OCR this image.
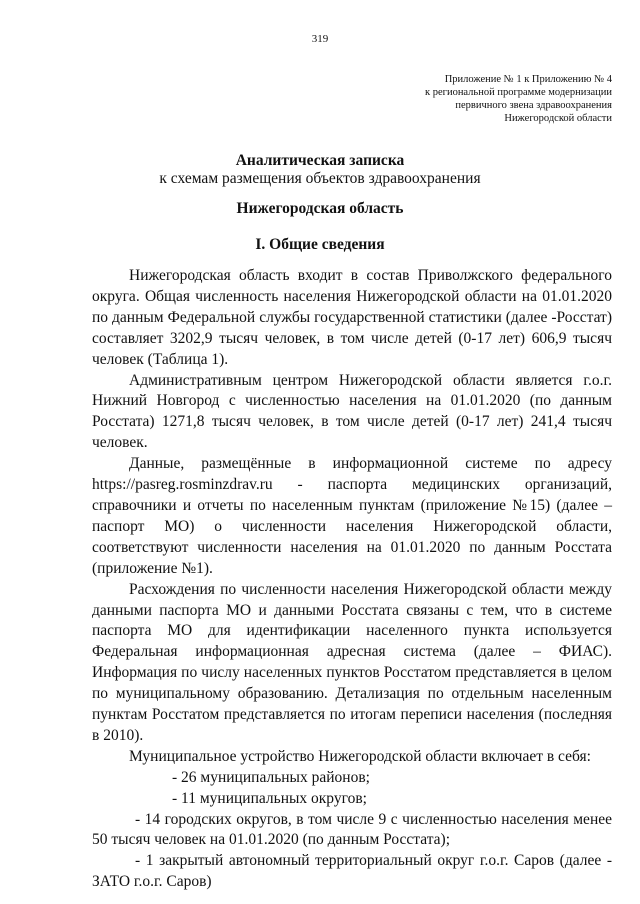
319
Приложение № 1 к Приложению № 4
к региональной программе модернизации
первичного звена здравоохранения
Нижегородской области
Аналитическая записка
к схемам размещения объектов здравоохранения
Нижегородская область
I. Общие сведения

Нижегородская область входит в состав Приволжского федерального округа. Общая численность населения Нижегородской области на 01.01.2020 по данным Федеральной службы государственной статистики (далее -Росстат) составляет 3202,9 тысяч человек, в том числе детей (0-17 лет) 606,9 тысяч человек (Таблица 1).

Административным центром Нижегородской области является г.о.г. Нижний Новгород с численностью населения на 01.01.2020 (по данным Росстата) 1271,8 тысяч человек, в том числе детей (0-17 лет) 241,4 тысяч человек.

Данные, размещённые в информационной системе по адресу https://pasreg.rosminzdrav.ru - паспорта медицинских организаций, справочники и отчеты по населенным пунктам (приложение №15) (далее – паспорт МО) о численности населения Нижегородской области, соответствуют численности населения на 01.01.2020 по данным Росстата (приложение №1).

Расхождения по численности населения Нижегородской области между данными паспорта МО и данными Росстата связаны с тем, что в системе паспорта МО для идентификации населенного пункта используется Федеральная информационная адресная система (далее – ФИАС). Информация по числу населенных пунктов Росстатом представляется в целом по муниципальному образованию. Детализация по отдельным населенным пунктам Росстатом представляется по итогам переписи населения (последняя в 2010).

Муниципальное устройство Нижегородской области включает в себя:

- 26 муниципальных районов;

- 11 муниципальных округов;

- 14 городских округов, в том числе 9 с численностью населения менее 50 тысяч человек на 01.01.2020 (по данным Росстата);

- 1 закрытый автономный территориальный округ г.о.г. Саров (далее - ЗАТО г.о.г. Саров)
